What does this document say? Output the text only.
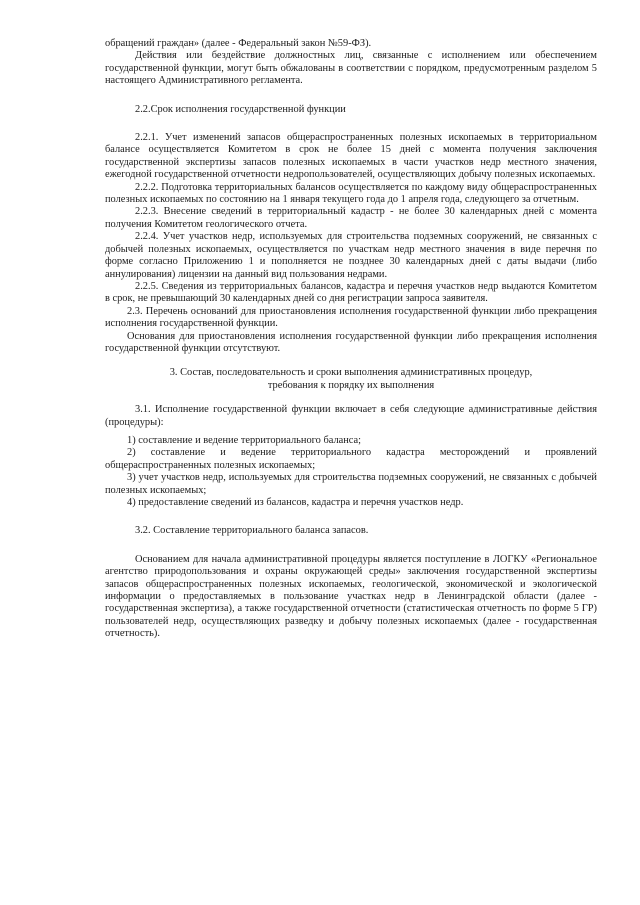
обращений граждан» (далее - Федеральный закон №59-ФЗ).

Действия или бездействие должностных лиц, связанные с исполнением или обеспечением государственной функции, могут быть обжалованы в соответствии с порядком, предусмотренным разделом 5 настоящего Административного регламента.

2.2.Срок исполнения государственной функции

2.2.1. Учет изменений запасов общераспространенных полезных ископаемых в территориальном балансе осуществляется Комитетом в срок не более 15 дней с момента получения заключения государственной экспертизы запасов полезных ископаемых в части участков недр местного значения, ежегодной государственной отчетности недропользователей, осуществляющих добычу полезных ископаемых.

2.2.2. Подготовка территориальных балансов осуществляется по каждому виду общераспространенных полезных ископаемых по состоянию на 1 января текущего года до 1 апреля года, следующего за отчетным.

2.2.3. Внесение сведений в территориальный кадастр - не более 30 календарных дней с момента получения Комитетом геологического отчета.

2.2.4. Учет участков недр, используемых для строительства подземных сооружений, не связанных с добычей полезных ископаемых, осуществляется по участкам недр местного значения в виде перечня по форме согласно Приложению 1 и пополняется не позднее 30 календарных дней с даты выдачи (либо аннулирования) лицензии на данный вид пользования недрами.

2.2.5. Сведения из территориальных балансов, кадастра и перечня участков недр выдаются Комитетом в срок, не превышающий 30 календарных дней со дня регистрации запроса заявителя.

2.3. Перечень оснований для приостановления исполнения государственной функции либо прекращения исполнения государственной функции.

Основания для приостановления исполнения государственной функции либо прекращения исполнения государственной функции отсутствуют.

3. Состав, последовательность и сроки выполнения административных процедур,

требования к порядку их выполнения

3.1. Исполнение государственной функции включает в себя следующие административные действия (процедуры):

1) составление и ведение территориального баланса;

2) составление и ведение территориального кадастра месторождений и проявлений общераспространенных полезных ископаемых;

3) учет участков недр, используемых для строительства подземных сооружений, не связанных с добычей полезных ископаемых;

4) предоставление сведений из балансов, кадастра и перечня участков недр.

3.2. Составление территориального баланса запасов.

Основанием для начала административной процедуры является поступление в ЛОГКУ «Региональное агентство природопользования и охраны окружающей среды» заключения государственной экспертизы запасов общераспространенных полезных ископаемых, геологической, экономической и экологической информации о предоставляемых в пользование участках недр в Ленинградской области (далее - государственная экспертиза), а также государственной отчетности (статистическая отчетность по форме 5 ГР) пользователей недр, осуществляющих разведку и добычу полезных ископаемых (далее - государственная отчетность).
